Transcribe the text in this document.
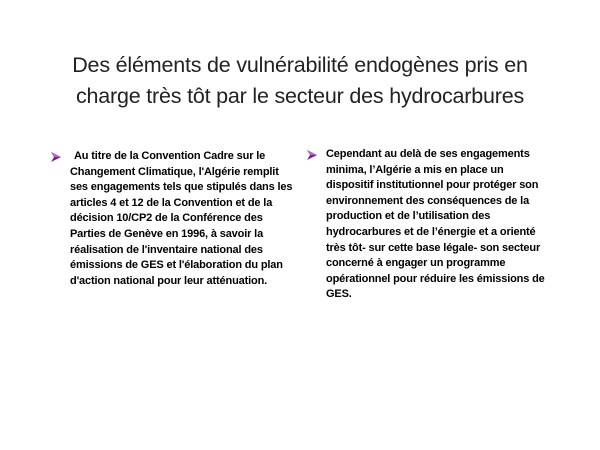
Des éléments de vulnérabilité endogènes pris en
charge très tôt par le secteur des hydrocarbures

Au titre de la Convention Cadre sur le
Changement Climatique, l'Algérie remplit
ses engagements tels que stipulés dans les
articles 4 et 12 de la Convention et de la
décision 10/CP2 de la Conférence des
Parties de Genève en 1996, à savoir la
réalisation de l'inventaire national des
émissions de GES et l'élaboration du plan
d'action national pour leur atténuation.

Cependant au delà de ses engagements
minima, l’Algérie a mis en place un
dispositif institutionnel pour protéger son
environnement des conséquences de la
production et de l’utilisation des
hydrocarbures et de l’énergie et a orienté
très tôt- sur cette base légale- son secteur
concerné à engager un programme
opérationnel pour réduire les émissions de
GES.
